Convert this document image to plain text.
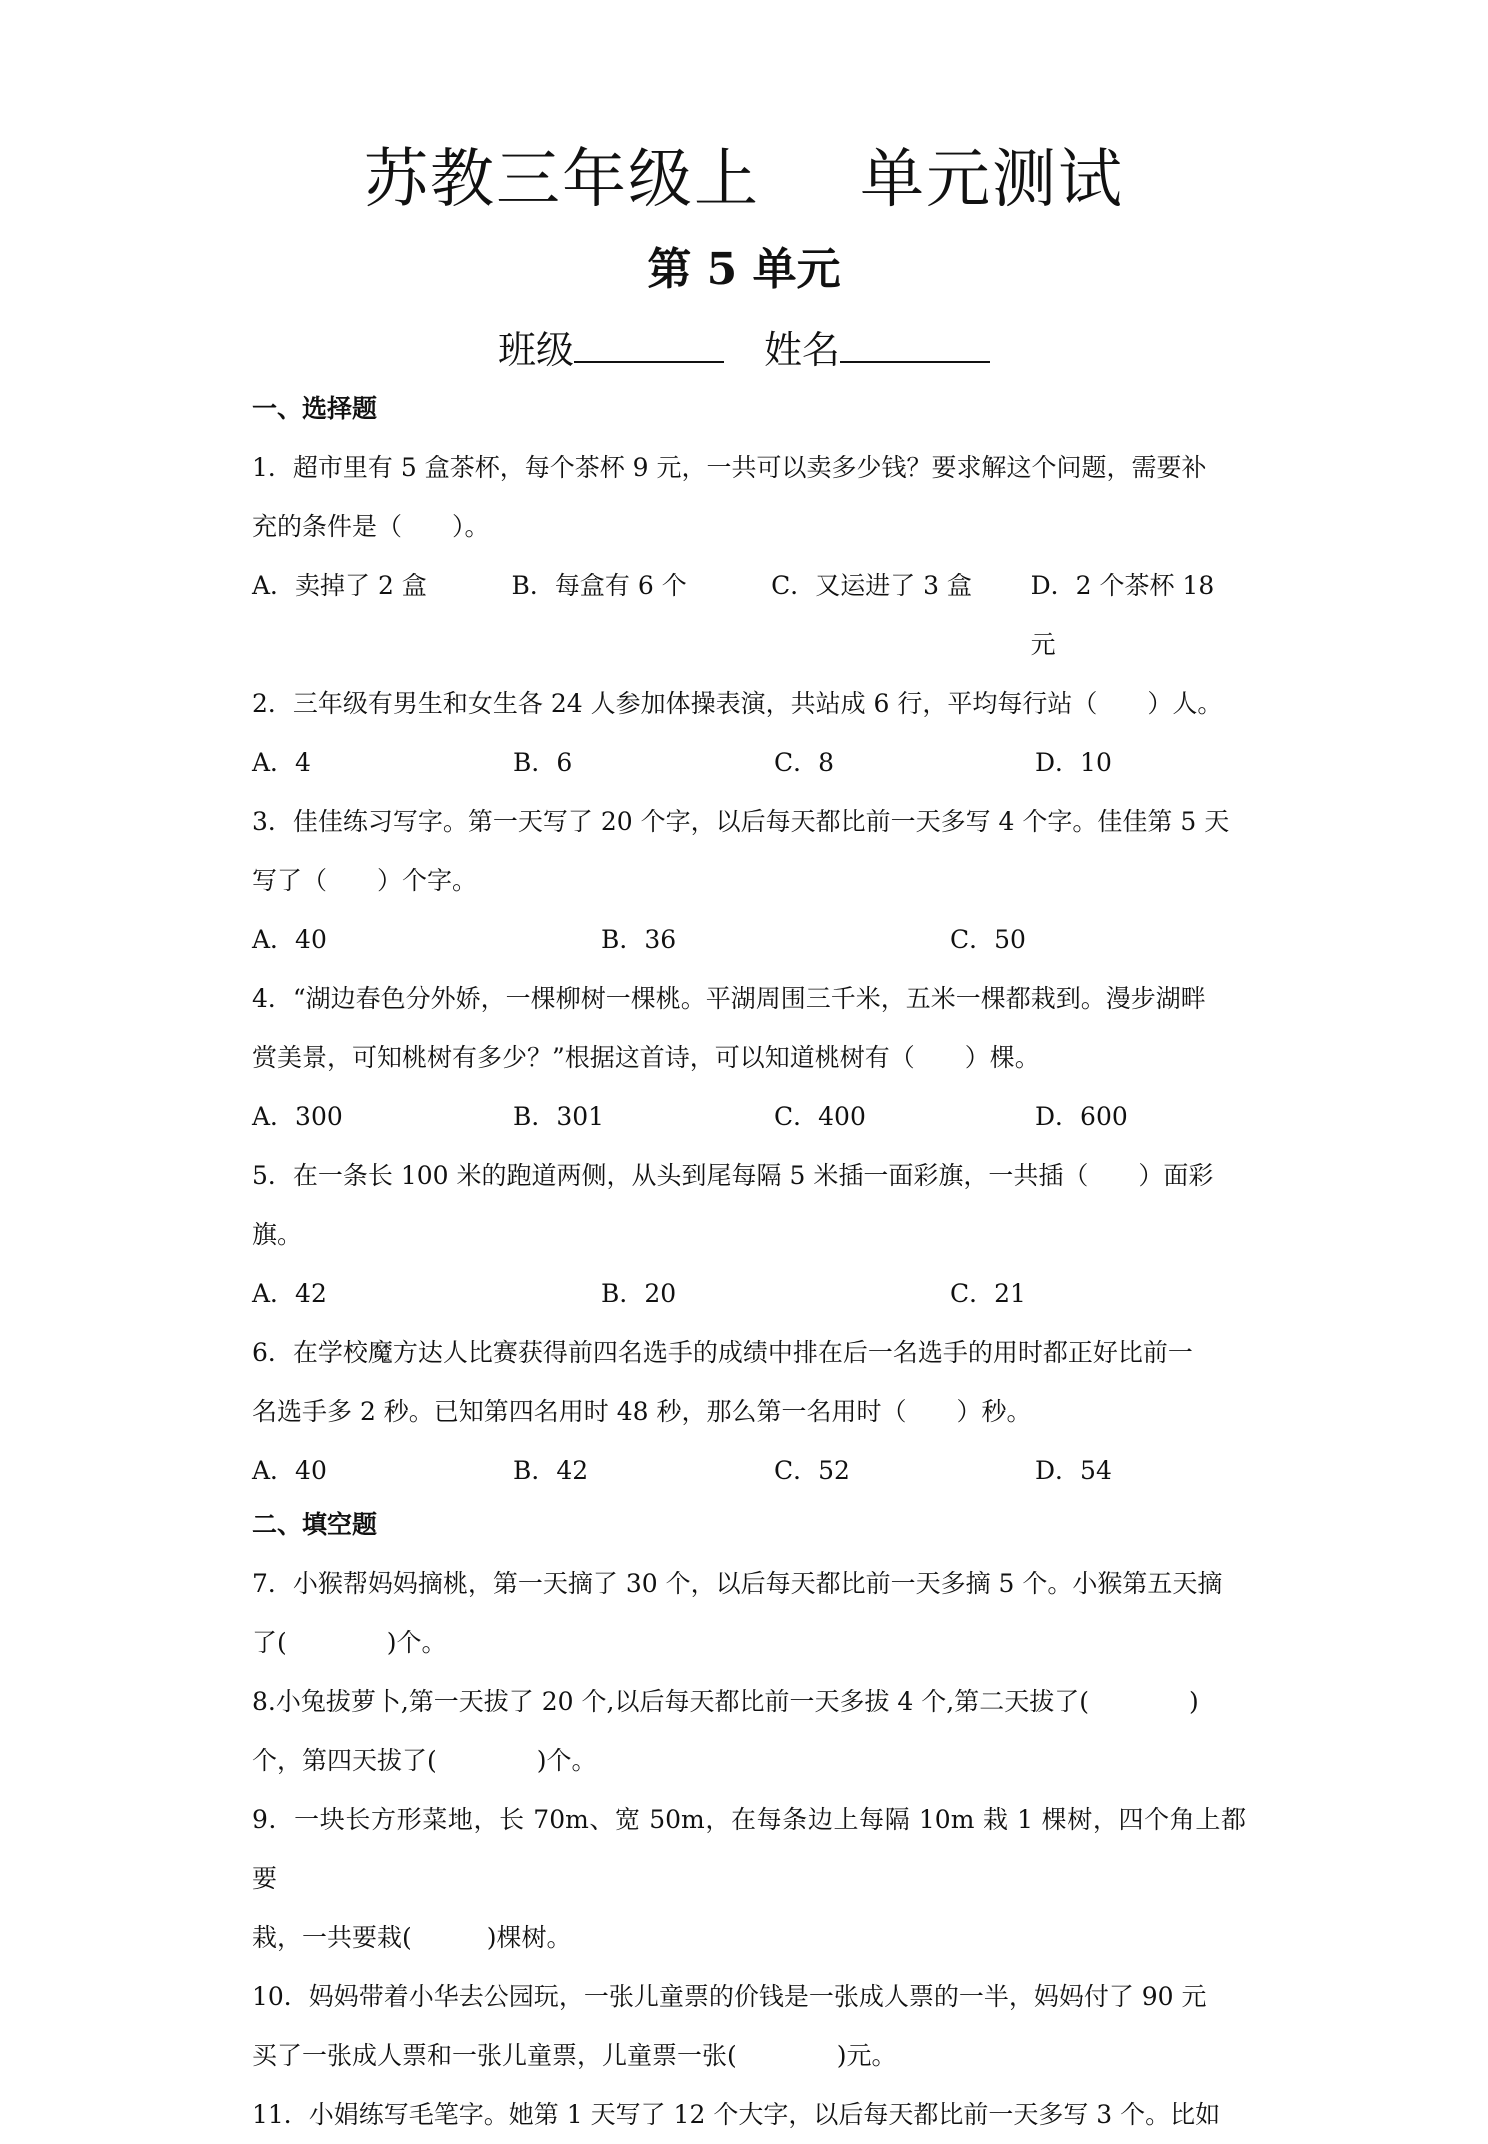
苏教三年级上 单元测试
第 5 单元
班级	姓名
一、选择题

1．超市里有 5 盒茶杯，每个茶杯 9 元，一共可以卖多少钱？要求解这个问题，需要补
充的条件是（　　）。

A．卖掉了 2 盒	B．每盒有 6 个	C．又运进了 3 盒	D．2 个茶杯 18 元

2．三年级有男生和女生各 24 人参加体操表演，共站成 6 行，平均每行站（　　）人。

A．4	B．6	C．8	D．10

3．佳佳练习写字。第一天写了 20 个字，以后每天都比前一天多写 4 个字。佳佳第 5 天
写了（　　）个字。

A．40	B．36	C．50

4．“湖边春色分外娇，一棵柳树一棵桃。平湖周围三千米，五米一棵都栽到。漫步湖畔
赏美景，可知桃树有多少？”根据这首诗，可以知道桃树有（　　）棵。

A．300	B．301	C．400	D．600

5．在一条长 100 米的跑道两侧，从头到尾每隔 5 米插一面彩旗，一共插（　　）面彩
旗。

A．42	B．20	C．21

6．在学校魔方达人比赛获得前四名选手的成绩中排在后一名选手的用时都正好比前一
名选手多 2 秒。已知第四名用时 48 秒，那么第一名用时（　　）秒。

A．40	B．42	C．52	D．54
二、填空题

7．小猴帮妈妈摘桃，第一天摘了 30 个，以后每天都比前一天多摘 5 个。小猴第五天摘
了(　　　　)个。

8.小兔拔萝卜,第一天拔了 20 个,以后每天都比前一天多拔 4 个,第二天拔了(　　　　)
个，第四天拔了(　　　　)个。

9．一块长方形菜地，长 70m、宽 50m，在每条边上每隔 10m 栽 1 棵树，四个角上都要
栽，一共要栽(　　　)棵树。

10．妈妈带着小华去公园玩，一张儿童票的价钱是一张成人票的一半，妈妈付了 90 元
买了一张成人票和一张儿童票，儿童票一张(　　　　)元。

11．小娟练写毛笔字。她第 1 天写了 12 个大字，以后每天都比前一天多写 3 个。比如
